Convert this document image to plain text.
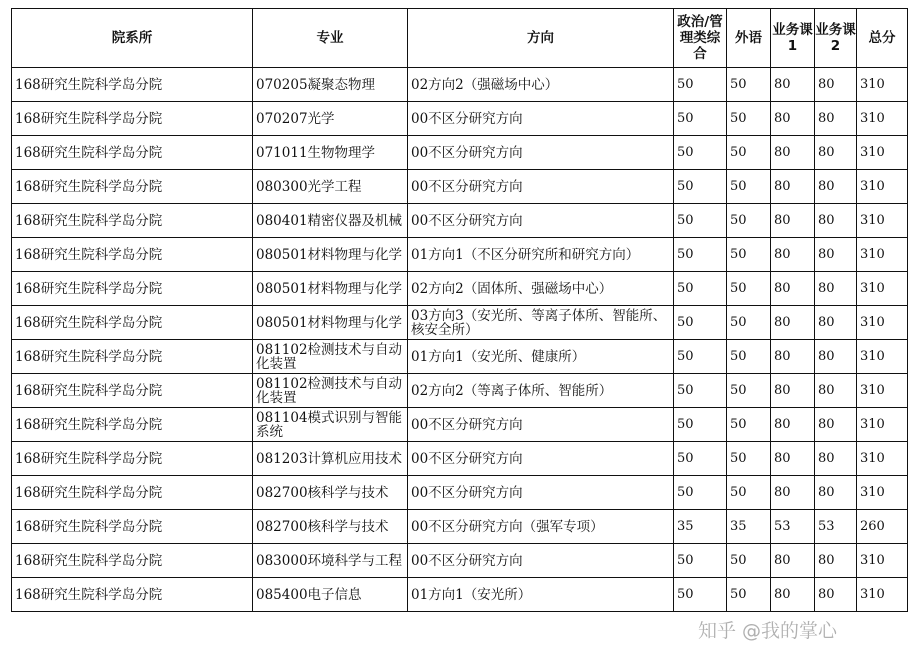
院系所	专业	方向	政治/管理类综合	外语	业务课1	业务课2	总分
168研究生院科学岛分院	070205凝聚态物理	02方向2（强磁场中心）	50	50	80	80	310
168研究生院科学岛分院	070207光学	00不区分研究方向	50	50	80	80	310
168研究生院科学岛分院	071011生物物理学	00不区分研究方向	50	50	80	80	310
168研究生院科学岛分院	080300光学工程	00不区分研究方向	50	50	80	80	310
168研究生院科学岛分院	080401精密仪器及机械	00不区分研究方向	50	50	80	80	310
168研究生院科学岛分院	080501材料物理与化学	01方向1（不区分研究所和研究方向）	50	50	80	80	310
168研究生院科学岛分院	080501材料物理与化学	02方向2（固体所、强磁场中心）	50	50	80	80	310
168研究生院科学岛分院	080501材料物理与化学	03方向3（安光所、等离子体所、智能所、核安全所）	50	50	80	80	310
168研究生院科学岛分院	081102检测技术与自动化装置	01方向1（安光所、健康所）	50	50	80	80	310
168研究生院科学岛分院	081102检测技术与自动化装置	02方向2（等离子体所、智能所）	50	50	80	80	310
168研究生院科学岛分院	081104模式识别与智能系统	00不区分研究方向	50	50	80	80	310
168研究生院科学岛分院	081203计算机应用技术	00不区分研究方向	50	50	80	80	310
168研究生院科学岛分院	082700核科学与技术	00不区分研究方向	50	50	80	80	310
168研究生院科学岛分院	082700核科学与技术	00不区分研究方向（强军专项）	35	35	53	53	260
168研究生院科学岛分院	083000环境科学与工程	00不区分研究方向	50	50	80	80	310
168研究生院科学岛分院	085400电子信息	01方向1（安光所）	50	50	80	80	310
知乎 @我的掌心
